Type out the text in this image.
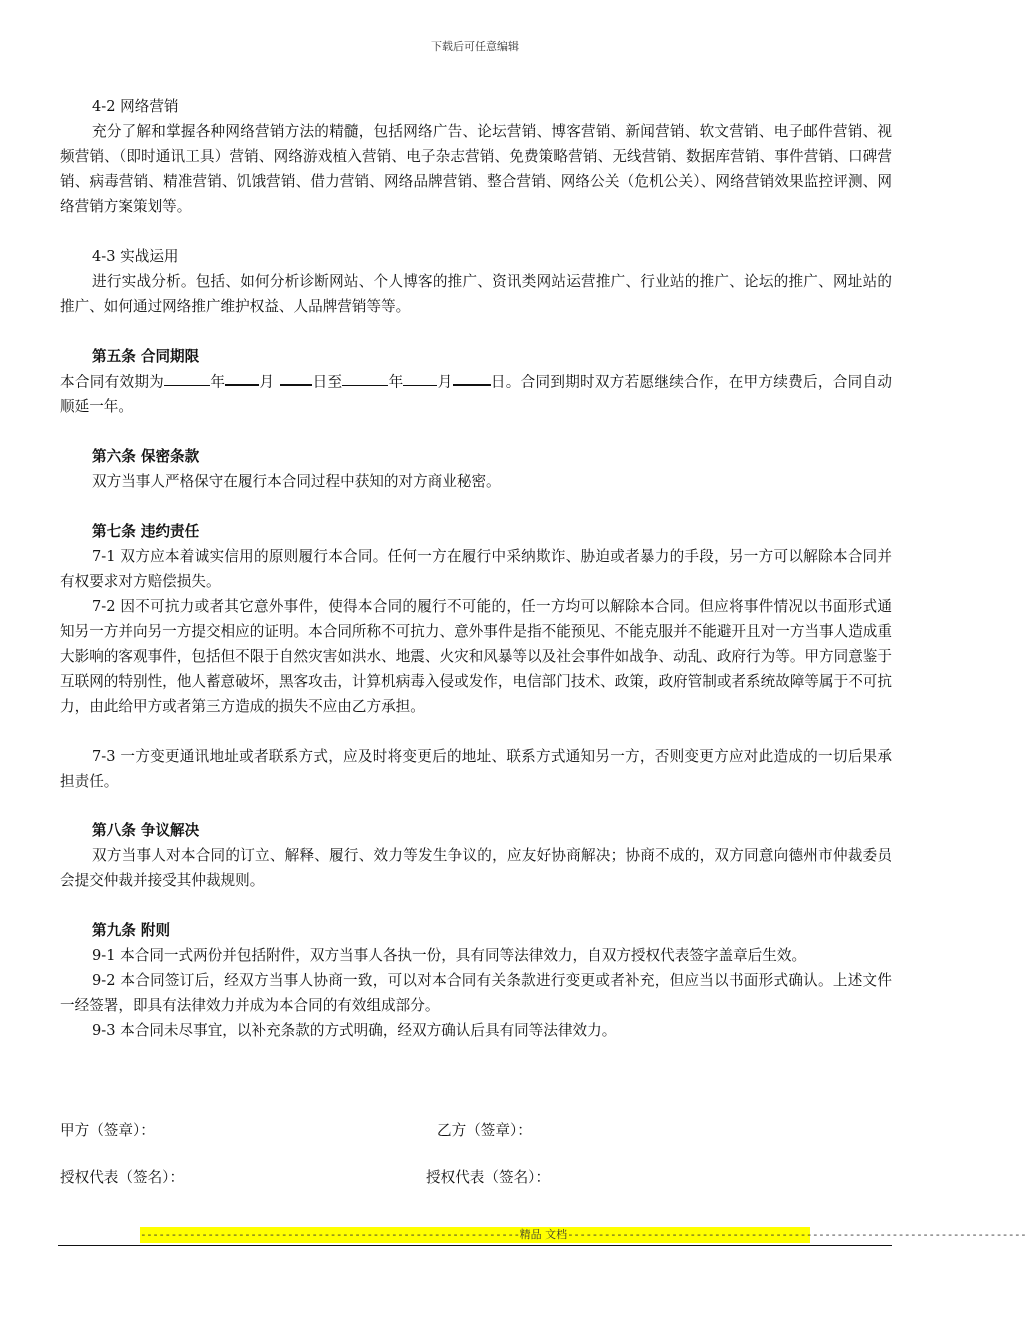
下载后可任意编辑

4-2 网络营销

充分了解和掌握各种网络营销方法的精髓，包括网络广告、论坛营销、博客营销、新闻营销、软文营销、电子邮件营销、视频营销、（即时通讯工具）营销、网络游戏植入营销、电子杂志营销、免费策略营销、无线营销、数据库营销、事件营销、口碑营销、病毒营销、精准营销、饥饿营销、借力营销、网络品牌营销、整合营销、网络公关（危机公关）、网络营销效果监控评测、网络营销方案策划等。

4-3 实战运用

进行实战分析。包括、如何分析诊断网站、个人博客的推广、资讯类网站运营推广、行业站的推广、论坛的推广、网址站的推广、如何通过网络推广维护权益、人品牌营销等等。

第五条 合同期限

本合同有效期为	年 月	日至	年 月	日。合同到期时双方若愿继续合作，在甲方续费后，合同自动顺延一年。

第六条 保密条款

双方当事人严格保守在履行本合同过程中获知的对方商业秘密。

第七条 违约责任

7-1 双方应本着诚实信用的原则履行本合同。任何一方在履行中采纳欺诈、胁迫或者暴力的手段，另一方可以解除本合同并有权要求对方赔偿损失。

7-2 因不可抗力或者其它意外事件，使得本合同的履行不可能的，任一方均可以解除本合同。但应将事件情况以书面形式通知另一方并向另一方提交相应的证明。本合同所称不可抗力、意外事件是指不能预见、不能克服并不能避开且对一方当事人造成重大影响的客观事件，包括但不限于自然灾害如洪水、地震、火灾和风暴等以及社会事件如战争、动乱、政府行为等。甲方同意鉴于互联网的特别性，他人蓄意破坏，黑客攻击，计算机病毒入侵或发作，电信部门技术、政策，政府管制或者系统故障等属于不可抗力，由此给甲方或者第三方造成的损失不应由乙方承担。

7-3 一方变更通讯地址或者联系方式，应及时将变更后的地址、联系方式通知另一方，否则变更方应对此造成的一切后果承担责任。

第八条 争议解决

双方当事人对本合同的订立、解释、履行、效力等发生争议的，应友好协商解决；协商不成的，双方同意向德州市仲裁委员会提交仲裁并接受其仲裁规则。

第九条 附则

9-1 本合同一式两份并包括附件，双方当事人各执一份，具有同等法律效力，自双方授权代表签字盖章后生效。

9-2 本合同签订后，经双方当事人协商一致，可以对本合同有关条款进行变更或者补充，但应当以书面形式确认。上述文件一经签署，即具有法律效力并成为本合同的有效组成部分。

9-3 本合同未尽事宜，以补充条款的方式明确，经双方确认后具有同等法律效力。

甲方（签章）：	乙方（签章）：

授权代表（签名）：	授权代表（签名）：

--------------------------------------------------------------精品 文档---------------------------------------------------------------------------
